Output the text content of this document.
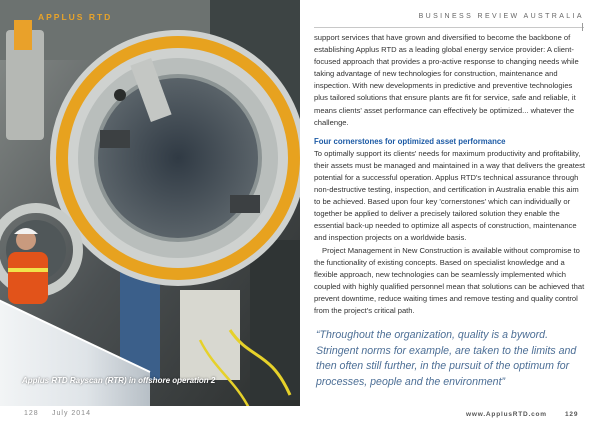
APPLUS RTD
Applus RTD Rayscan (RTR) in offshore operation 2
128 July 2014
BUSINESS REVIEW AUSTRALIA

support services that have grown and diversified to become the backbone of establishing Applus RTD as a leading global energy service provider: A client-focused approach that provides a pro-active response to changing needs while taking advantage of new technologies for construction, maintenance and inspection. With new developments in predictive and preventive technologies plus tailored solutions that ensure plants are fit for service, safe and reliable, it means clients' asset performance can effectively be optimized... whatever the challenge.

Four cornerstones for optimized asset performance

To optimally support its clients' needs for maximum productivity and profitability, their assets must be managed and maintained in a way that delivers the greatest potential for a successful operation. Applus RTD's technical assurance through non-destructive testing, inspection, and certification in Australia enable this aim to be achieved. Based upon four key 'cornerstones' which can individually or together be applied to deliver a precisely tailored solution they enable the essential back-up needed to optimize all aspects of construction, maintenance and inspection projects on a worldwide basis.

Project Management in New Construction is available without compromise to the functionality of existing concepts. Based on specialist knowledge and a flexible approach, new technologies can be seamlessly implemented which coupled with highly qualified personnel mean that solutions can be achieved that prevent downtime, reduce waiting times and remove testing and quality control from the project's critical path.

“Throughout the organization, quality is a byword. Stringent norms for example, are taken to the limits and then often still further, in the pursuit of the optimum for processes, people and the environment”
www.ApplusRTD.com	129
